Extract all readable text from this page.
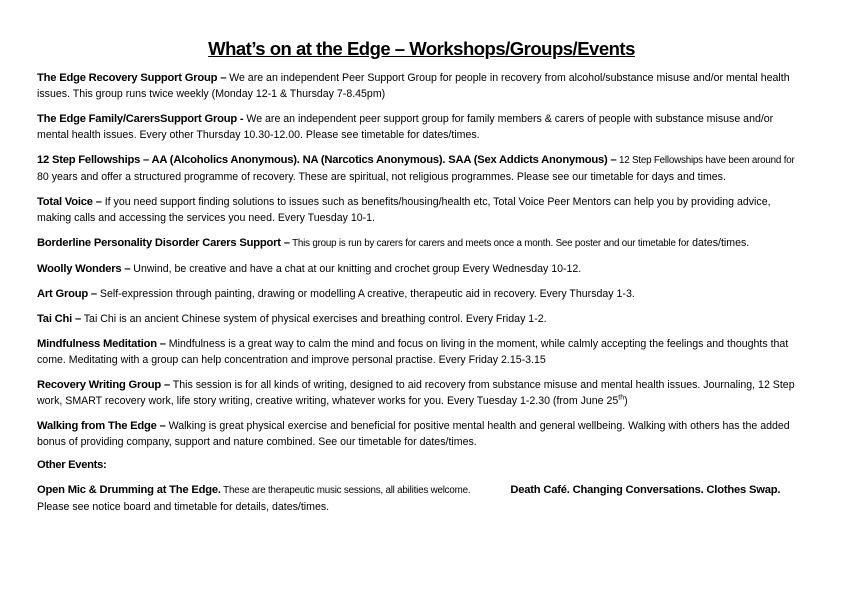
What’s on at the Edge – Workshops/Groups/Events

The Edge Recovery Support Group – We are an independent Peer Support Group for people in recovery from alcohol/substance misuse and/or mental health issues. This group runs twice weekly (Monday 12-1 & Thursday 7-8.45pm)

The Edge Family/CarersSupport Group - We are an independent peer support group for family members & carers of people with substance misuse and/or mental health issues. Every other Thursday 10.30-12.00. Please see timetable for dates/times.

12 Step Fellowships – AA (Alcoholics Anonymous). NA (Narcotics Anonymous). SAA (Sex Addicts Anonymous) – 12 Step Fellowships have been around for 80 years and offer a structured programme of recovery. These are spiritual, not religious programmes. Please see our timetable for days and times.

Total Voice – If you need support finding solutions to issues such as benefits/housing/health etc, Total Voice Peer Mentors can help you by providing advice, making calls and accessing the services you need. Every Tuesday 10-1.

Borderline Personality Disorder Carers Support – This group is run by carers for carers and meets once a month. See poster and our timetable for dates/times.

Woolly Wonders – Unwind, be creative and have a chat at our knitting and crochet group Every Wednesday 10-12.

Art Group – Self-expression through painting, drawing or modelling A creative, therapeutic aid in recovery. Every Thursday 1-3.

Tai Chi – Tai Chi is an ancient Chinese system of physical exercises and breathing control. Every Friday 1-2.

Mindfulness Meditation – Mindfulness is a great way to calm the mind and focus on living in the moment, while calmly accepting the feelings and thoughts that come. Meditating with a group can help concentration and improve personal practise. Every Friday 2.15-3.15

Recovery Writing Group – This session is for all kinds of writing, designed to aid recovery from substance misuse and mental health issues. Journaling, 12 Step work, SMART recovery work, life story writing, creative writing, whatever works for you. Every Tuesday 1-2.30 (from June 25th)

Walking from The Edge – Walking is great physical exercise and beneficial for positive mental health and general wellbeing. Walking with others has the added bonus of providing company, support and nature combined. See our timetable for dates/times.

Other Events:

Open Mic & Drumming at The Edge. These are therapeutic music sessions, all abilities welcome.	Death Café. Changing Conversations. Clothes Swap. Please see notice board and timetable for details, dates/times.
